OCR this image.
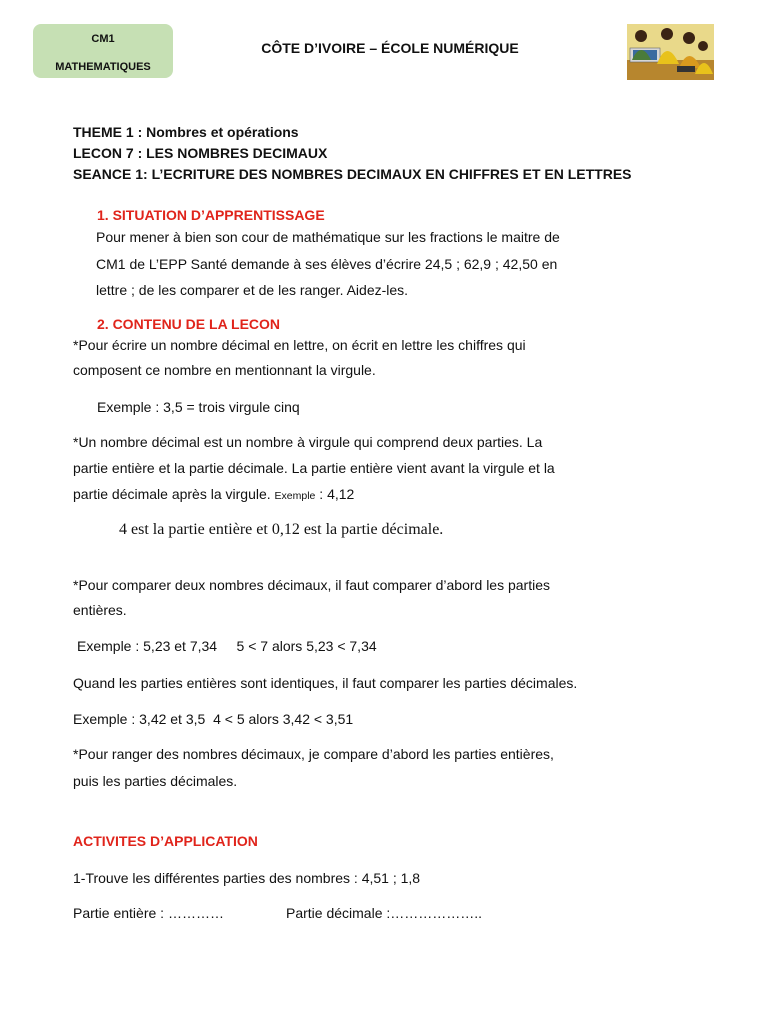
CM1
MATHEMATIQUES
CÔTE D’IVOIRE – ÉCOLE NUMÉRIQUE
THEME 1 : Nombres et opérations
LECON 7 : LES NOMBRES DECIMAUX
SEANCE 1: L’ECRITURE DES NOMBRES DECIMAUX EN CHIFFRES ET EN LETTRES
1. SITUATION D’APPRENTISSAGE
Pour mener à bien son cour de mathématique sur les fractions le maitre de
CM1 de L’EPP Santé demande à ses élèves d’écrire 24,5 ; 62,9 ; 42,50 en
lettre ; de les comparer et de les ranger. Aidez-les.
2. CONTENU DE LA LECON
*Pour écrire un nombre décimal en lettre, on écrit en lettre les chiffres qui
composent ce nombre en mentionnant la virgule.
Exemple : 3,5 = trois virgule cinq
*Un nombre décimal est un nombre à virgule qui comprend deux parties. La
partie entière et la partie décimale. La partie entière vient avant la virgule et la
partie décimale après la virgule. Exemple : 4,12
4 est la partie entière et 0,12 est la partie décimale.
*Pour comparer deux nombres décimaux, il faut comparer d’abord les parties
entières.
Exemple : 5,23 et 7,34     5 < 7 alors 5,23 < 7,34
Quand les parties entières sont identiques, il faut comparer les parties décimales.
Exemple : 3,42 et 3,5  4 < 5 alors 3,42 < 3,51
*Pour ranger des nombres décimaux, je compare d’abord les parties entières,
puis les parties décimales.
ACTIVITES D’APPLICATION
1-Trouve les différentes parties des nombres : 4,51 ; 1,8
Partie entière : …………	Partie décimale :………………..
